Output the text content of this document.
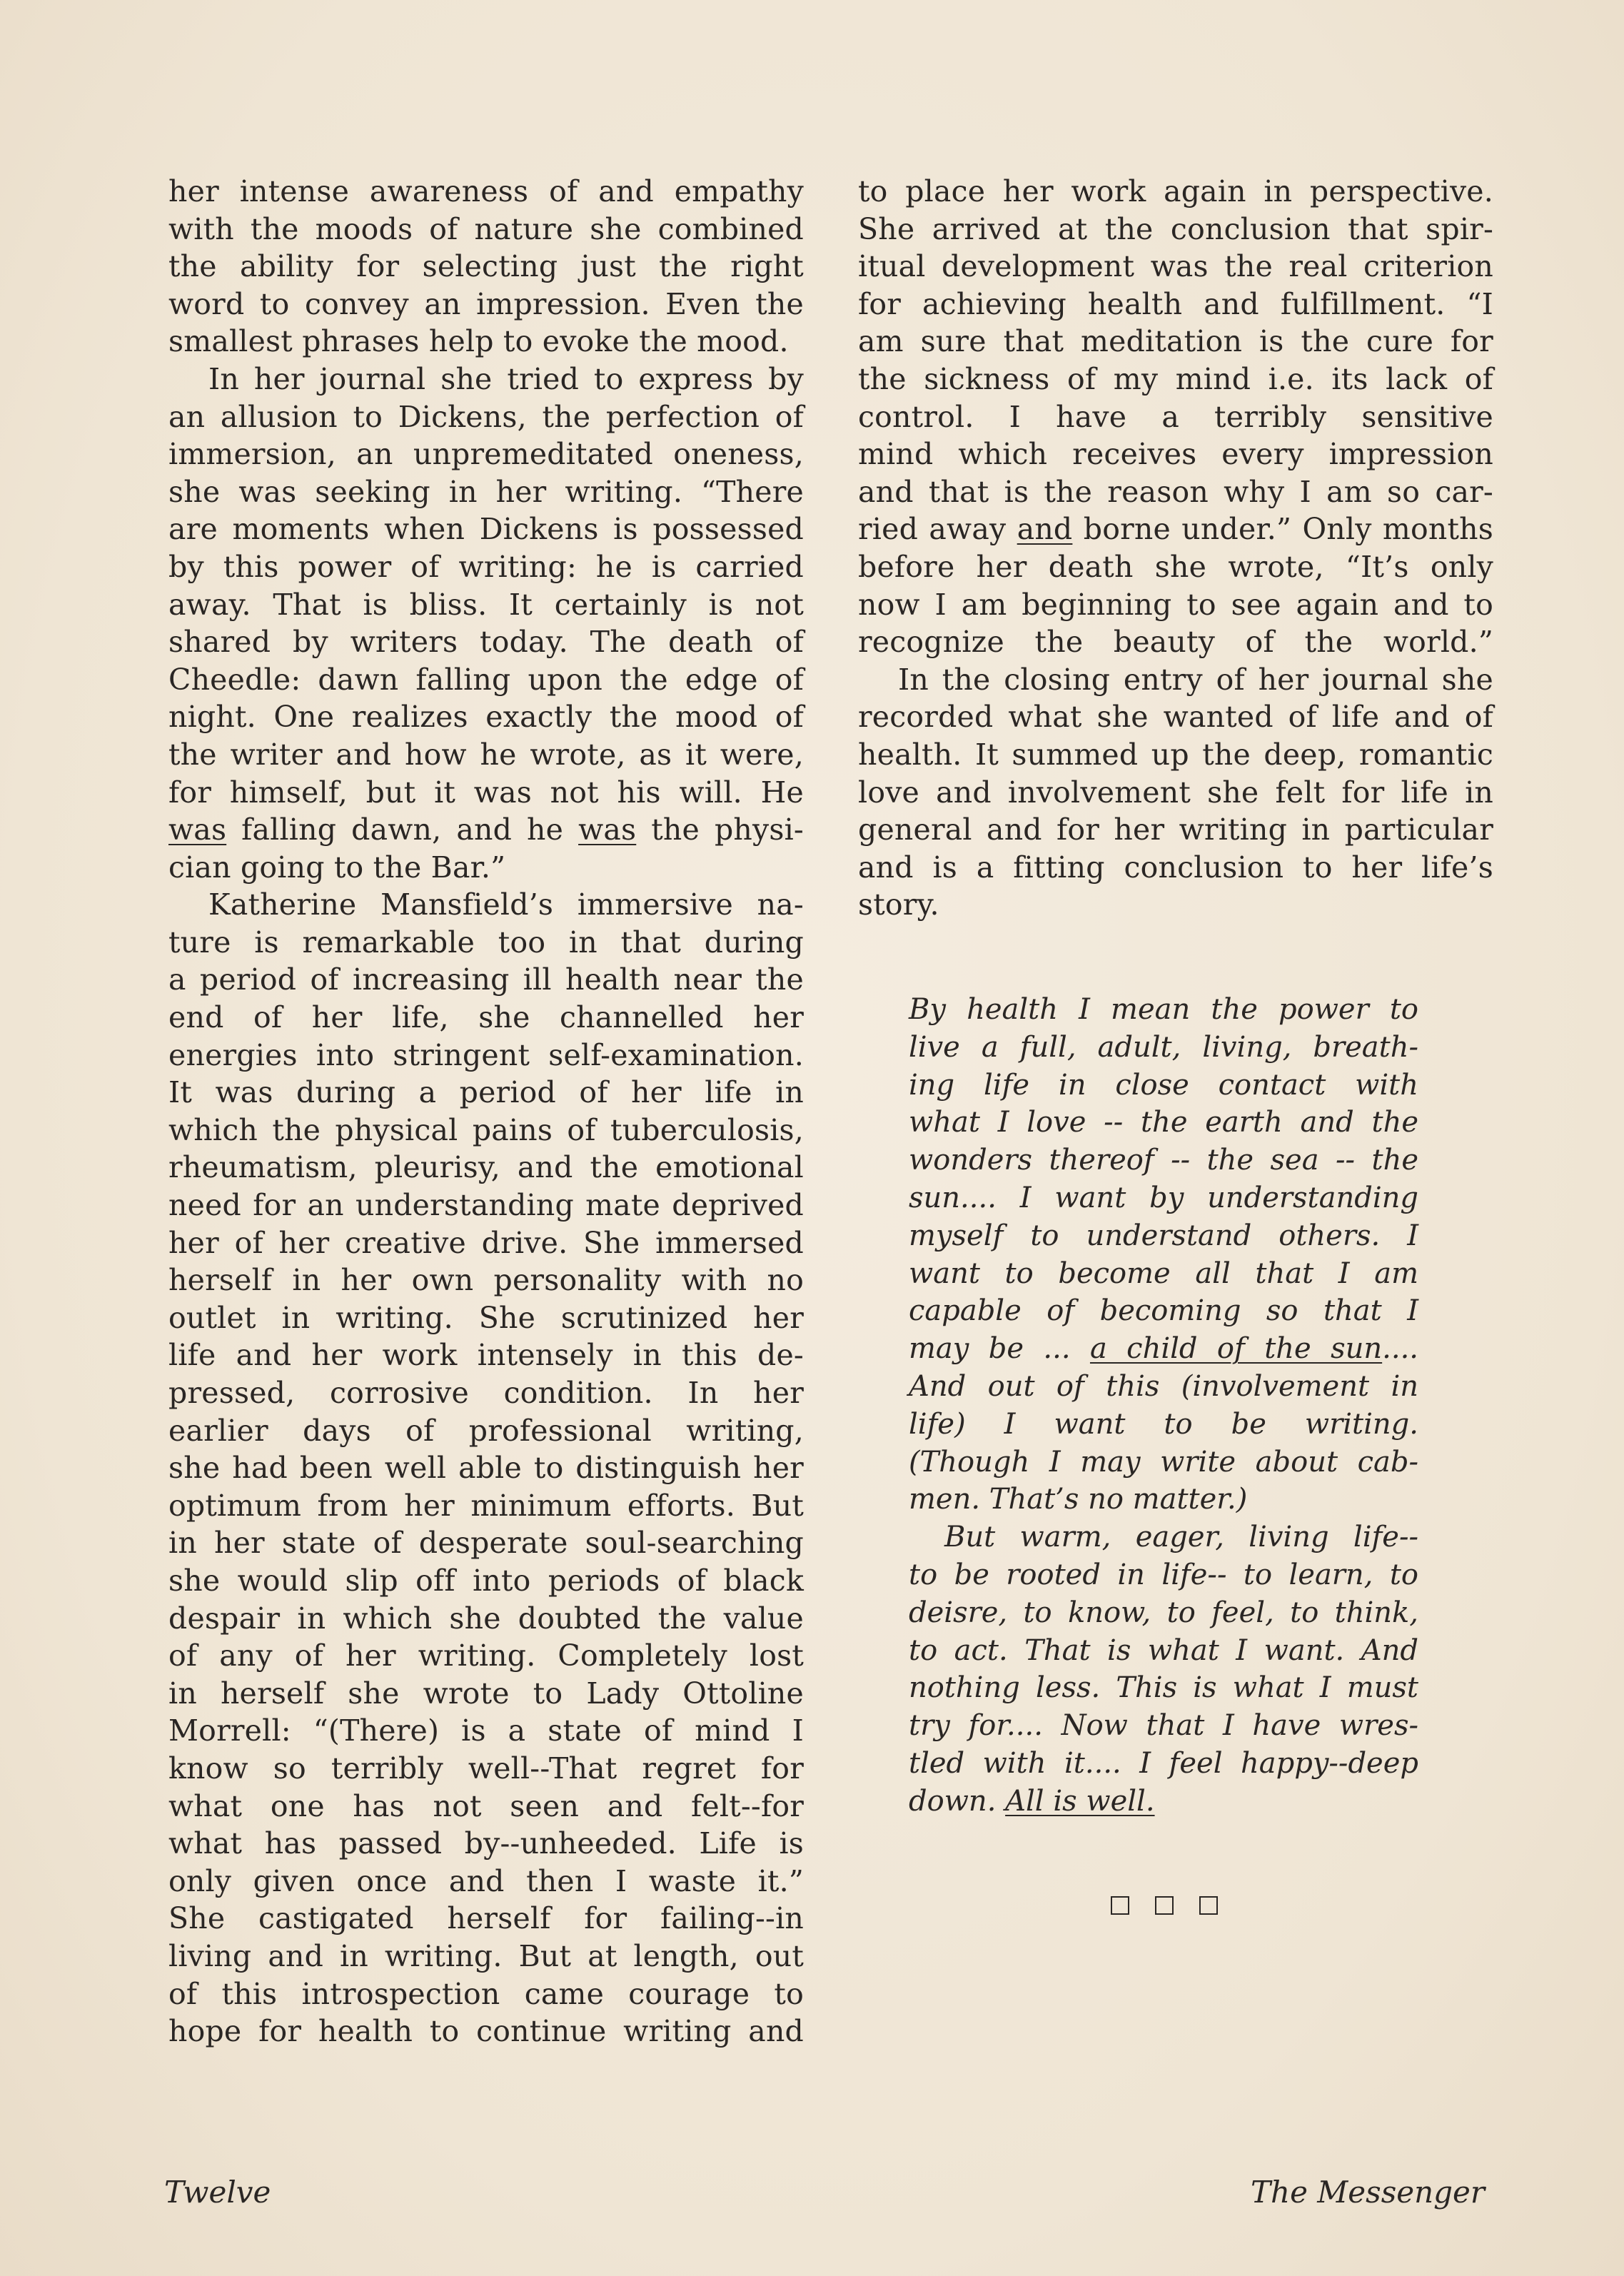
her intense awareness of and empathy
with the moods of nature she combined
the ability for selecting just the right
word to convey an impression. Even the
smallest phrases help to evoke the mood.
In her journal she tried to express by
an allusion to Dickens, the perfection of
immersion, an unpremeditated oneness,
she was seeking in her writing. “There
are moments when Dickens is possessed
by this power of writing: he is carried
away. That is bliss. It certainly is not
shared by writers today. The death of
Cheedle: dawn falling upon the edge of
night. One realizes exactly the mood of
the writer and how he wrote, as it were,
for himself, but it was not his will. He
was falling dawn, and he was the physi-
cian going to the Bar.”
Katherine Mansfield’s immersive na-
ture is remarkable too in that during
a period of increasing ill health near the
end of her life, she channelled her
energies into stringent self-examination.
It was during a period of her life in
which the physical pains of tuberculosis,
rheumatism, pleurisy, and the emotional
need for an understanding mate deprived
her of her creative drive. She immersed
herself in her own personality with no
outlet in writing. She scrutinized her
life and her work intensely in this de-
pressed, corrosive condition. In her
earlier days of professional writing,
she had been well able to distinguish her
optimum from her minimum efforts. But
in her state of desperate soul-searching
she would slip off into periods of black
despair in which she doubted the value
of any of her writing. Completely lost
in herself she wrote to Lady Ottoline
Morrell: “(There) is a state of mind I
know so terribly well--That regret for
what one has not seen and felt--for
what has passed by--unheeded. Life is
only given once and then I waste it.”
She castigated herself for failing--in
living and in writing. But at length, out
of this introspection came courage to
hope for health to continue writing and
to place her work again in perspective.
She arrived at the conclusion that spir-
itual development was the real criterion
for achieving health and fulfillment. “I
am sure that meditation is the cure for
the sickness of my mind i.e. its lack of
control. I have a terribly sensitive
mind which receives every impression
and that is the reason why I am so car-
ried away and borne under.” Only months
before her death she wrote, “It’s only
now I am beginning to see again and to
recognize the beauty of the world.”
In the closing entry of her journal she
recorded what she wanted of life and of
health. It summed up the deep, romantic
love and involvement she felt for life in
general and for her writing in particular
and is a fitting conclusion to her life’s
story.
By health I mean the power to
live a full, adult, living, breath-
ing life in close contact with
what I love -- the earth and the
wonders thereof -- the sea -- the
sun.... I want by understanding
myself to understand others. I
want to become all that I am
capable of becoming so that I
may be ... a child of the sun....
And out of this (involvement in
life) I want to be writing.
(Though I may write about cab-
men. That’s no matter.)
But warm, eager, living life--
to be rooted in life-- to learn, to
deisre, to know, to feel, to think,
to act. That is what I want. And
nothing less. This is what I must
try for.... Now that I have wres-
tled with it.... I feel happy--deep
down. All is well.
Twelve	The Messenger
